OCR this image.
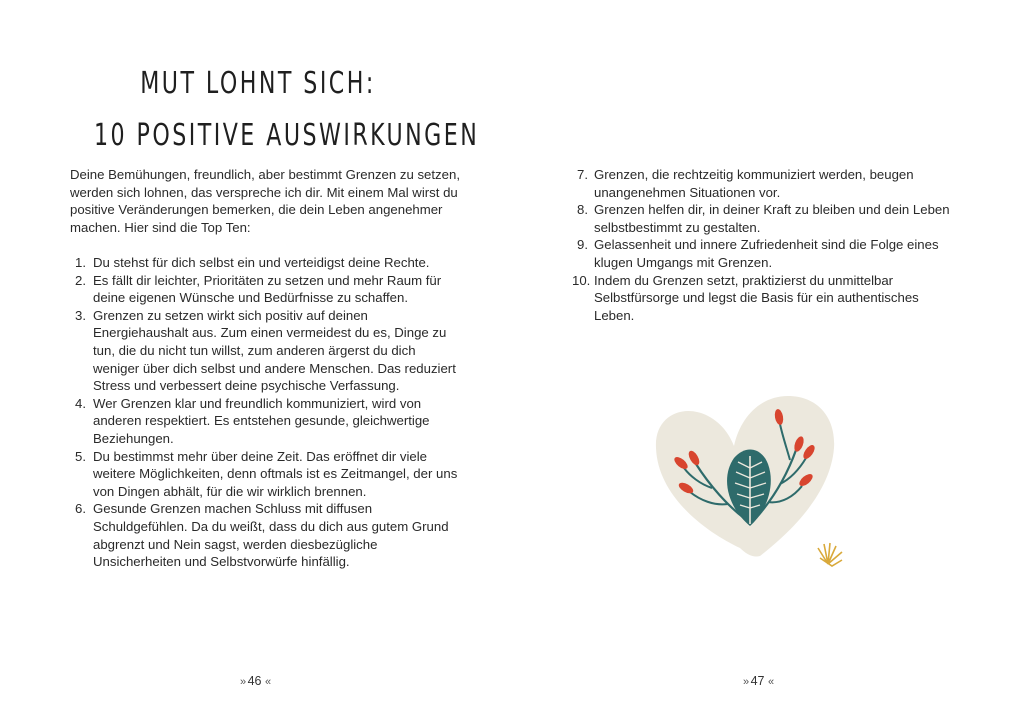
MUT LOHNT SICH:
10 POSITIVE AUSWIRKUNGEN

Deine Bemühungen, freundlich, aber bestimmt Grenzen zu setzen, werden sich lohnen, das verspreche ich dir. Mit einem Mal wirst du positive Veränderungen bemerken, die dein Leben angenehmer machen. Hier sind die Top Ten:

1. Du stehst für dich selbst ein und verteidigst deine Rechte.
2. Es fällt dir leichter, Prioritäten zu setzen und mehr Raum für deine eigenen Wünsche und Bedürfnisse zu schaffen.
3. Grenzen zu setzen wirkt sich positiv auf deinen Energiehaushalt aus. Zum einen vermeidest du es, Dinge zu tun, die du nicht tun willst, zum anderen ärgerst du dich weniger über dich selbst und andere Menschen. Das reduziert Stress und verbessert deine psychische Verfassung.
4. Wer Grenzen klar und freundlich kommuniziert, wird von anderen respektiert. Es entstehen gesunde, gleichwertige Beziehungen.
5. Du bestimmst mehr über deine Zeit. Das eröffnet dir viele weitere Möglichkeiten, denn oftmals ist es Zeitmangel, der uns von Dingen abhält, für die wir wirklich brennen.
6. Gesunde Grenzen machen Schluss mit diffusen Schuldgefühlen. Da du weißt, dass du dich aus gutem Grund abgrenzt und Nein sagst, werden diesbezügliche Unsicherheiten und Selbstvorwürfe hinfällig.
» 46 «
7. Grenzen, die rechtzeitig kommuniziert werden, beugen unangenehmen Situationen vor.
8. Grenzen helfen dir, in deiner Kraft zu bleiben und dein Leben selbstbestimmt zu gestalten.
9. Gelassenheit und innere Zufriedenheit sind die Folge eines klugen Umgangs mit Grenzen.
10. Indem du Grenzen setzt, praktizierst du unmittelbar Selbstfürsorge und legst die Basis für ein authentisches Leben.
» 47 «
